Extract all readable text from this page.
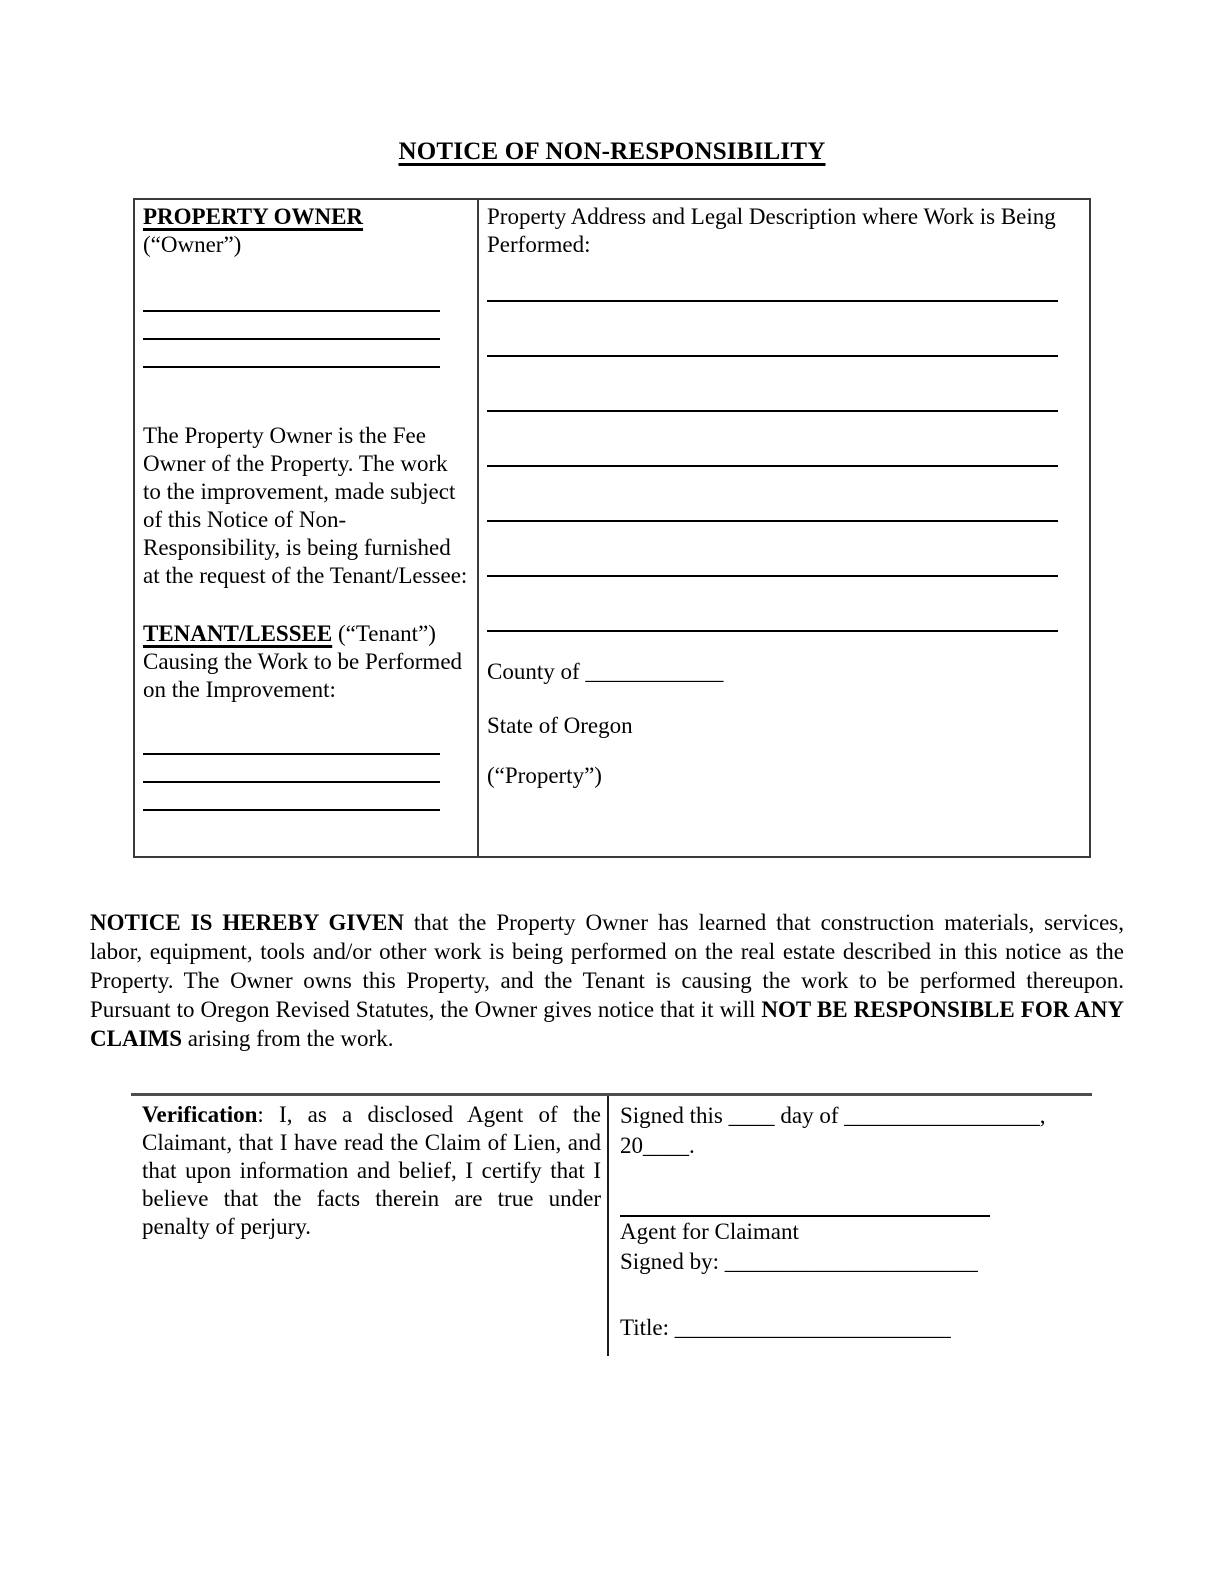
NOTICE OF NON-RESPONSIBILITY
PROPERTY OWNER
(“Owner”)

The Property Owner is the Fee Owner of the Property. The work to the improvement, made subject of this Notice of Non-Responsibility, is being furnished at the request of the Tenant/Lessee:

TENANT/LESSEE (“Tenant”) Causing the Work to be Performed on the Improvement:
Property Address and Legal Description where Work is Being Performed:
County of ____________
State of Oregon
(“Property”)

NOTICE IS HEREBY GIVEN that the Property Owner has learned that construction materials, services, labor, equipment, tools and/or other work is being performed on the real estate described in this notice as the Property. The Owner owns this Property, and the Tenant is causing the work to be performed thereupon. Pursuant to Oregon Revised Statutes, the Owner gives notice that it will NOT BE RESPONSIBLE FOR ANY CLAIMS arising from the work.

Verification: I, as a disclosed Agent of the Claimant, that I have read the Claim of Lien, and that upon information and belief, I certify that I believe that the facts therein are true under penalty of perjury.
Signed this ____ day of _________________,
20____.
Agent for Claimant
Signed by: ______________________
Title: ________________________
